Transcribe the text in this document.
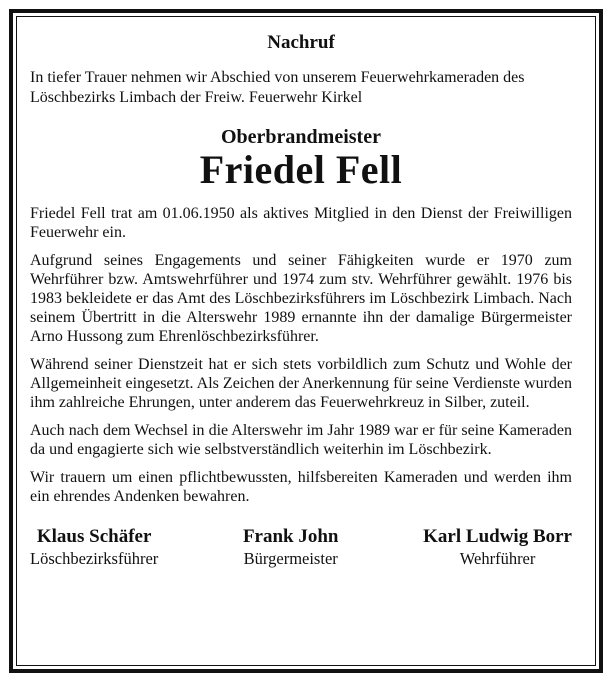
Nachruf
In tiefer Trauer nehmen wir Abschied von unserem Feuerwehrkameraden des Löschbezirks Limbach der Freiw. Feuerwehr Kirkel
Oberbrandmeister
Friedel Fell
Friedel Fell trat am 01.06.1950 als aktives Mitglied in den Dienst der Freiwilligen Feuerwehr ein.
Aufgrund seines Engagements und seiner Fähigkeiten wurde er 1970 zum Wehrführer bzw. Amtswehrführer und 1974 zum stv. Wehrführer gewählt. 1976 bis 1983 bekleidete er das Amt des Löschbezirksführers im Löschbezirk Limbach. Nach seinem Übertritt in die Alterswehr 1989 ernannte ihn der damalige Bürgermeister Arno Hussong zum Ehrenlöschbezirksführer.
Während seiner Dienstzeit hat er sich stets vorbildlich zum Schutz und Wohle der Allgemeinheit eingesetzt. Als Zeichen der Anerkennung für seine Verdienste wurden ihm zahlreiche Ehrungen, unter anderem das Feuerwehrkreuz in Silber, zuteil.
Auch nach dem Wechsel in die Alterswehr im Jahr 1989 war er für seine Kameraden da und engagierte sich wie selbstverständlich weiterhin im Löschbezirk.
Wir trauern um einen pflichtbewussten, hilfsbereiten Kameraden und werden ihm ein ehrendes Andenken bewahren.
Klaus Schäfer
Löschbezirksführer
Frank John
Bürgermeister
Karl Ludwig Borr
Wehrführer
